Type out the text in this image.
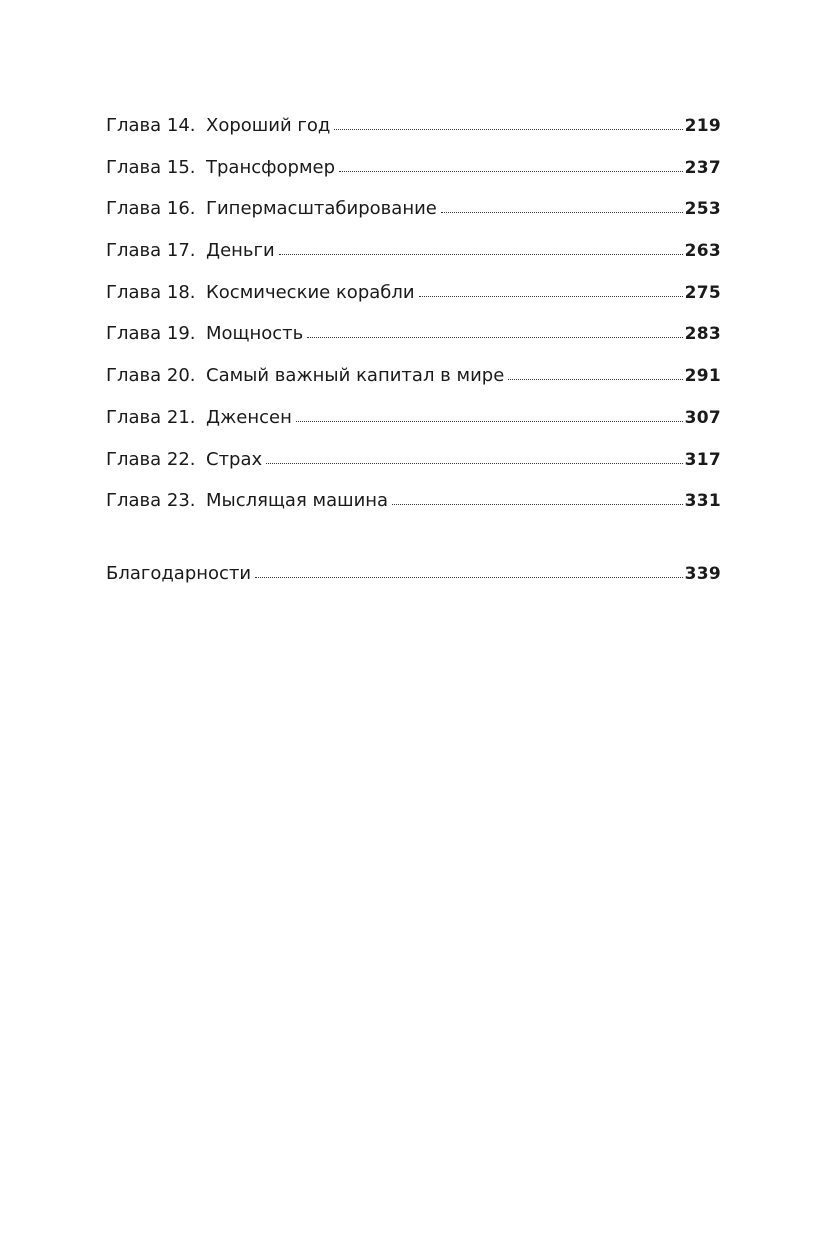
Глава 14. Хороший год	219
Глава 15. Трансформер	237
Глава 16. Гипермасштабирование	253
Глава 17. Деньги	263
Глава 18. Космические корабли	275
Глава 19. Мощность	283
Глава 20. Самый важный капитал в мире	291
Глава 21. Дженсен	307
Глава 22. Страх	317
Глава 23. Мыслящая машина	331
Благодарности	339
